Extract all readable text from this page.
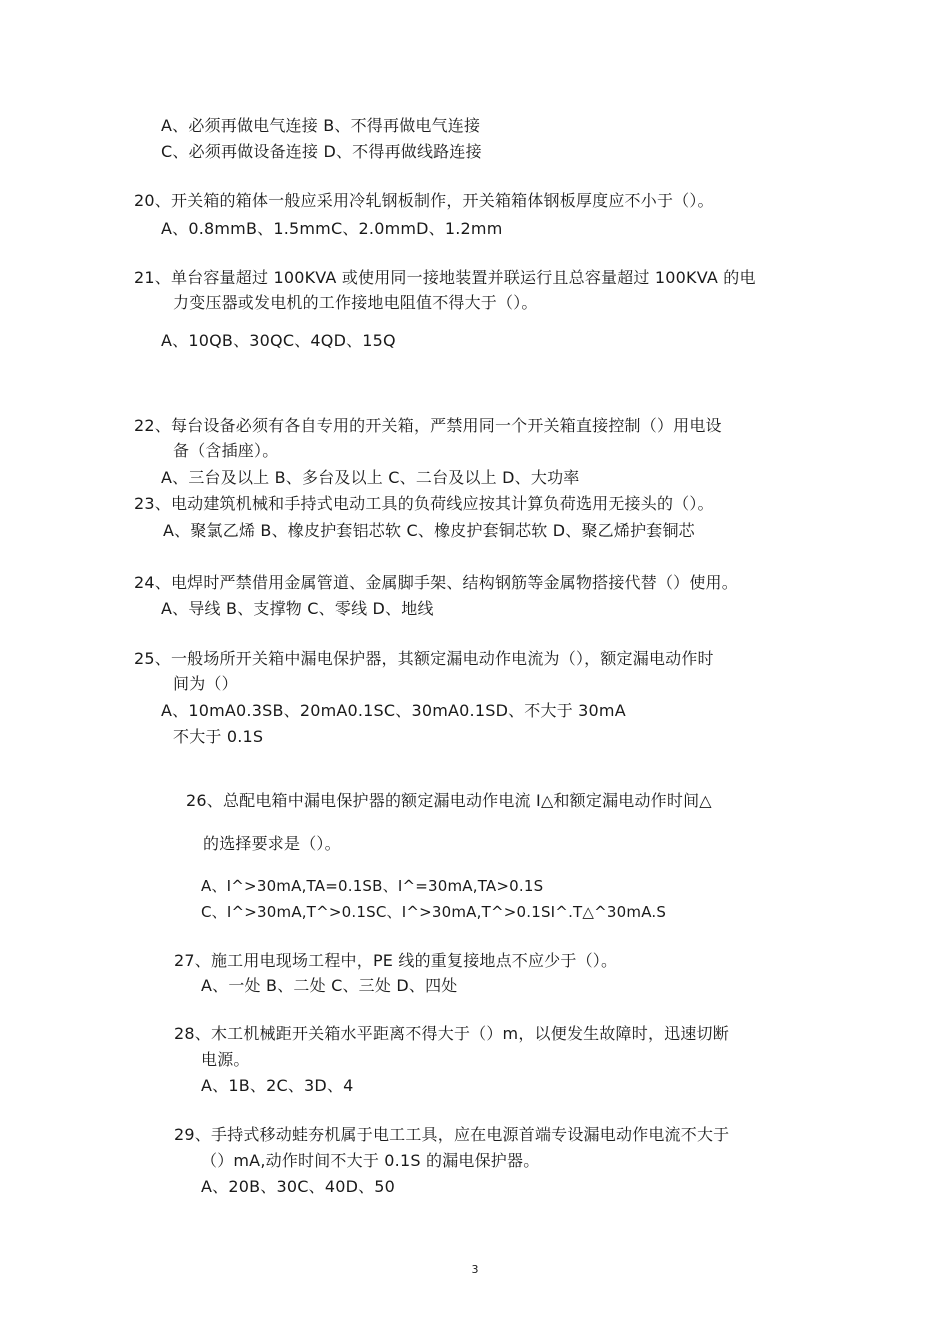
A、必须再做电气连接 B、不得再做电气连接
C、必须再做设备连接 D、不得再做线路连接
20、开关箱的箱体一般应采用冷轧钢板制作，开关箱箱体钢板厚度应不小于（）。
A、0.8mmB、1.5mmC、2.0mmD、1.2mm
21、单台容量超过 100KVA 或使用同一接地装置并联运行且总容量超过 100KVA 的电
力变压器或发电机的工作接地电阻值不得大于（）。
A、10QB、30QC、4QD、15Q
22、每台设备必须有各自专用的开关箱，严禁用同一个开关箱直接控制（）用电设
备（含插座）。
A、三台及以上 B、多台及以上 C、二台及以上 D、大功率
23、电动建筑机械和手持式电动工具的负荷线应按其计算负荷选用无接头的（）。
A、聚氯乙烯 B、橡皮护套铝芯软 C、橡皮护套铜芯软 D、聚乙烯护套铜芯
24、电焊时严禁借用金属管道、金属脚手架、结构钢筋等金属物搭接代替（）使用。
A、导线 B、支撑物 C、零线 D、地线
25、一般场所开关箱中漏电保护器，其额定漏电动作电流为（），额定漏电动作时
间为（）
A、10mA0.3SB、20mA0.1SC、30mA0.1SD、不大于 30mA
不大于 0.1S
26、总配电箱中漏电保护器的额定漏电动作电流 I△和额定漏电动作时间△
的选择要求是（）。
A、I^>30mA,TA=0.1SB、I^=30mA,TA>0.1S
C、I^>30mA,T^>0.1SC、I^>30mA,T^>0.1SI^.T△^30mA.S
27、施工用电现场工程中，PE 线的重复接地点不应少于（）。
A、一处 B、二处 C、三处 D、四处
28、木工机械距开关箱水平距离不得大于（）m，以便发生故障时，迅速切断
电源。
A、1B、2C、3D、4
29、手持式移动蛙夯机属于电工工具，应在电源首端专设漏电动作电流不大于
（）mA,动作时间不大于 0.1S 的漏电保护器。
A、20B、30C、40D、50
3
